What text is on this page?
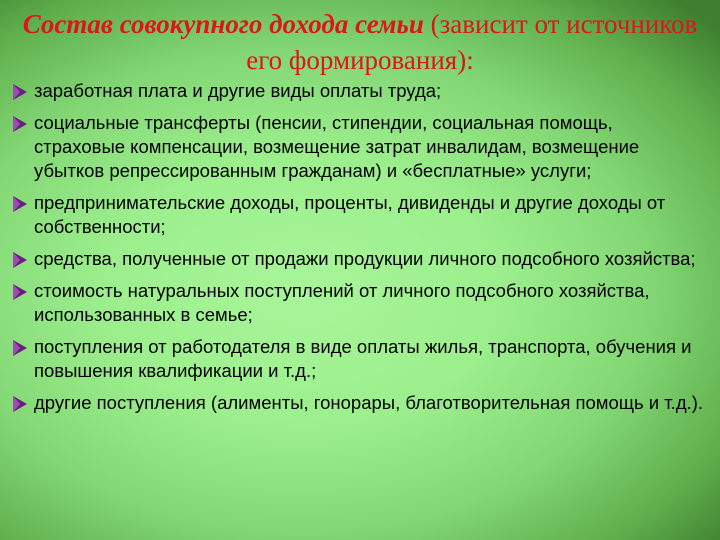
Состав совокупного дохода семьи (зависит от источников его формирования):
заработная плата и другие виды оплаты труда;
социальные трансферты (пенсии, стипендии, социальная помощь, страховые компенсации, возмещение затрат инвалидам, возмещение убытков репрессированным гражданам) и «бесплатные» услуги;
предпринимательские доходы, проценты, дивиденды и другие доходы от собственности;
средства, полученные от продажи продукции личного подсобного хозяйства;
стоимость натуральных поступлений от личного подсобного хозяйства, использованных в семье;
поступления от работодателя в виде оплаты жилья, транспорта, обучения и повышения квалификации и т.д.;
другие поступления (алименты, гонорары, благотворительная помощь и т.д.).
